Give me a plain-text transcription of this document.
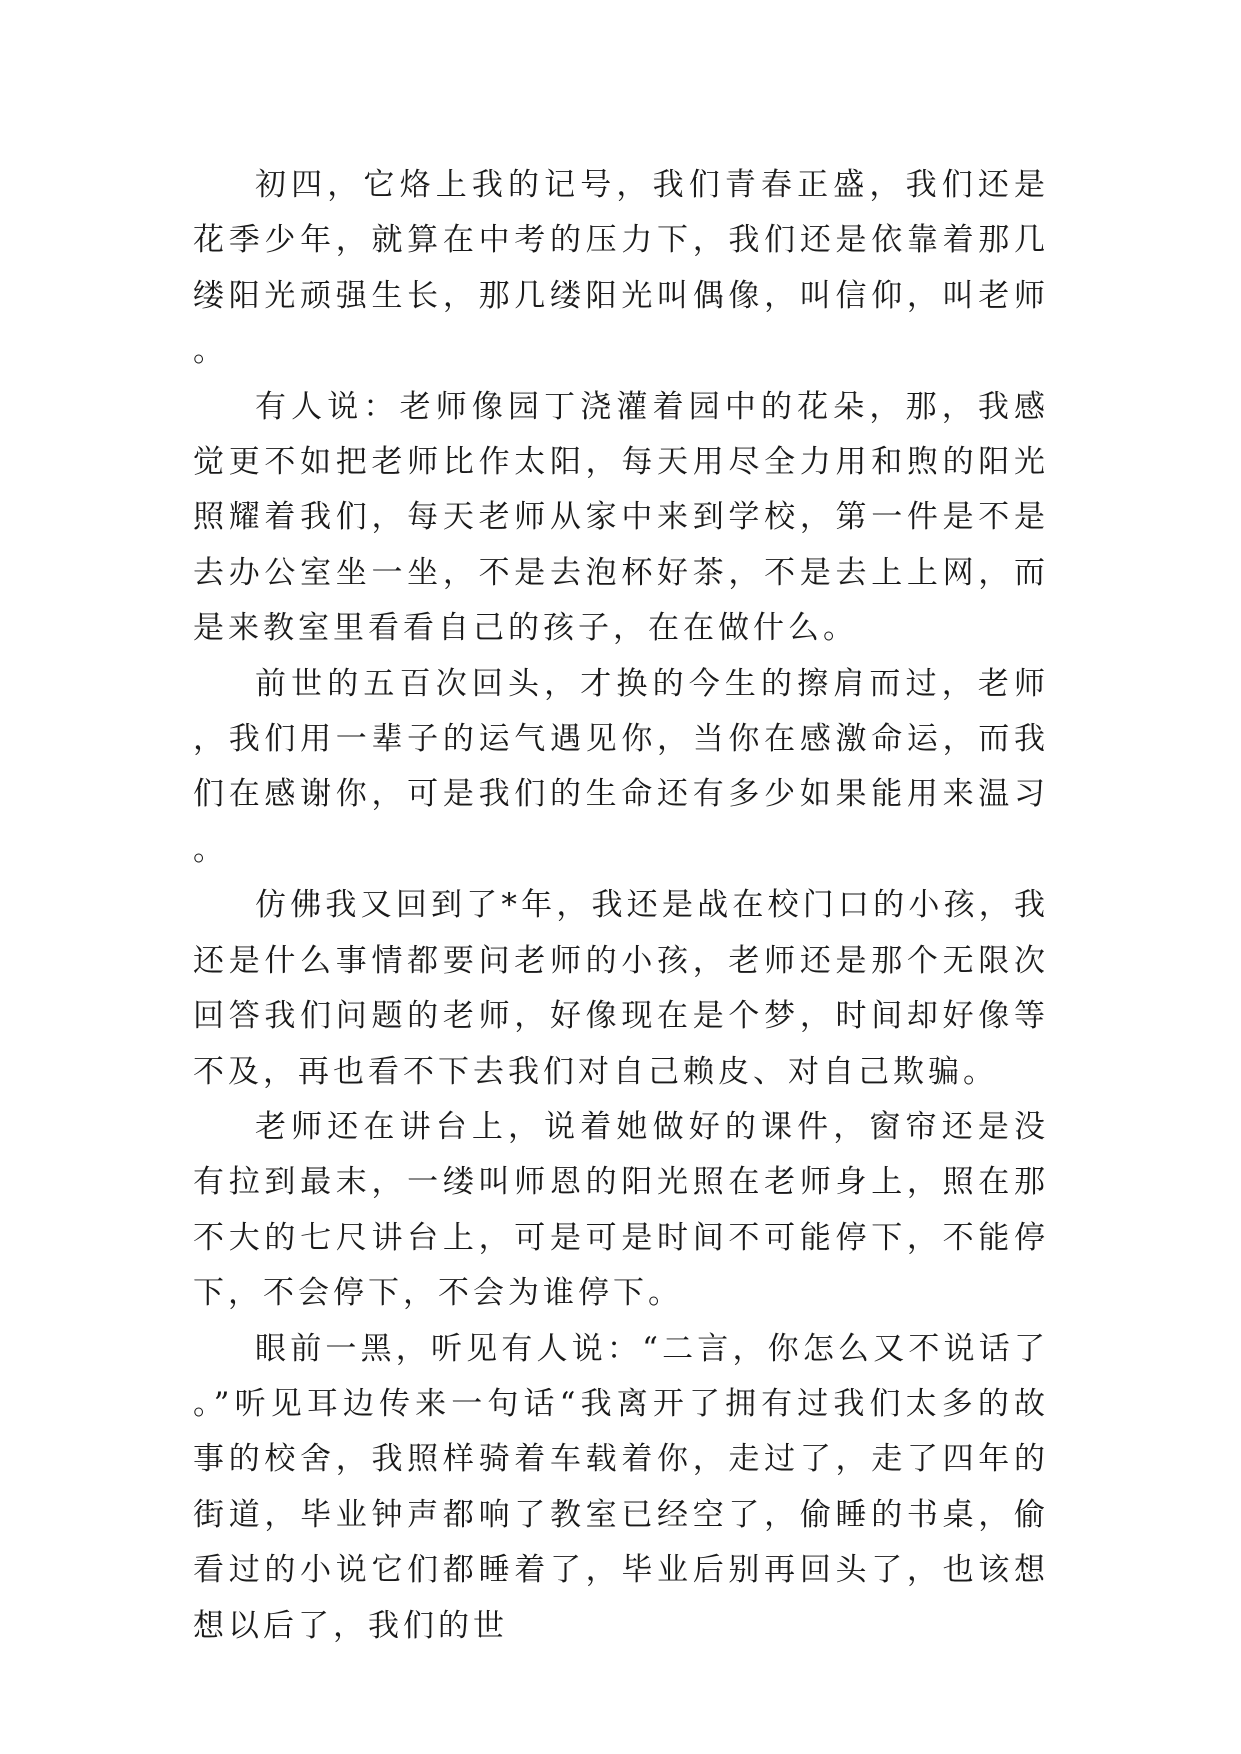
初四，它烙上我的记号，我们青春正盛，我们还是花季少年，就算在中考的压力下，我们还是依靠着那几缕阳光顽强生长，那几缕阳光叫偶像，叫信仰，叫老师。

有人说：老师像园丁浇灌着园中的花朵，那，我感觉更不如把老师比作太阳，每天用尽全力用和煦的阳光照耀着我们，每天老师从家中来到学校，第一件是不是去办公室坐一坐，不是去泡杯好茶，不是去上上网，而是来教室里看看自己的孩子，在在做什么。

前世的五百次回头，才换的今生的擦肩而过，老师，我们用一辈子的运气遇见你，当你在感激命运，而我们在感谢你，可是我们的生命还有多少如果能用来温习。

仿佛我又回到了*年，我还是战在校门口的小孩，我还是什么事情都要问老师的小孩，老师还是那个无限次回答我们问题的老师，好像现在是个梦，时间却好像等不及，再也看不下去我们对自己赖皮、对自己欺骗。

老师还在讲台上，说着她做好的课件，窗帘还是没有拉到最末，一缕叫师恩的阳光照在老师身上，照在那不大的七尺讲台上，可是可是时间不可能停下，不能停下，不会停下，不会为谁停下。

眼前一黑，听见有人说：“二言，你怎么又不说话了。”听见耳边传来一句话“我离开了拥有过我们太多的故事的校舍，我照样骑着车载着你，走过了，走了四年的街道，毕业钟声都响了教室已经空了，偷睡的书桌，偷看过的小说它们都睡着了，毕业后别再回头了，也该想想以后了，我们的世
